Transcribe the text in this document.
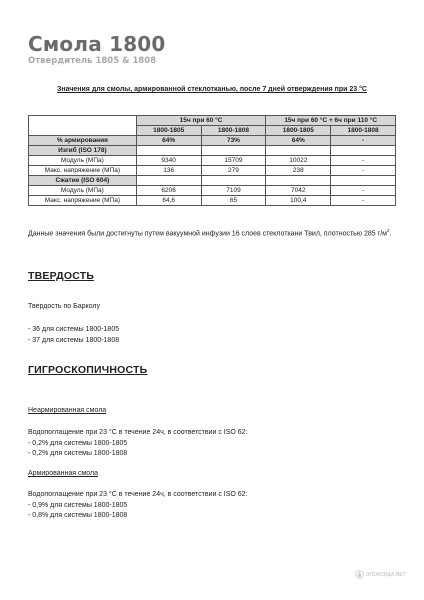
Смола 1800
Отвердитель 1805 & 1808
Значения для смолы, армированной стеклотканью, после 7 дней отверждения при 23 °C
	15ч при 60 °C		15ч при 60 °C + 6ч при 110 °C	
	1800-1805	1800-1808	1800-1805	1800-1808
% армирования	64%	73%	64%	-
Изгиб (ISO 178)				
Модуль (МПа)	9340	15709	10022	-
Макс. напряжение (МПа)	136	279	238	-
Сжатие (ISO 604)				
Модуль (МПа)	6206	7109	7042	-
Макс. напряжение (МПа)	64,6	65	100,4	-
Данные значения были достигнуты путем вакуумной инфузии 16 слоев стеклоткани Твил, плотностью 285 $г/м^2$.
ТВЕРДОСТЬ
Твердость по Барколу
- 36 для системы 1800-1805
- 37 для системы 1800-1808
ГИГРОСКОПИЧНОСТЬ
Неармированная смола
Водопоглащение при 23 °C в течение 24ч, в соответствии с ISO 62:
- 0,2% для системы 1800-1805
- 0,2% для системы 1800-1808
Армированная смола
Водопоглащение при 23 °C в течение 24ч, в соответствии с ISO 62:
- 0,9% для системы 1800-1805
- 0,8% для системы 1800-1808
ЭПОКСИДА.NET
